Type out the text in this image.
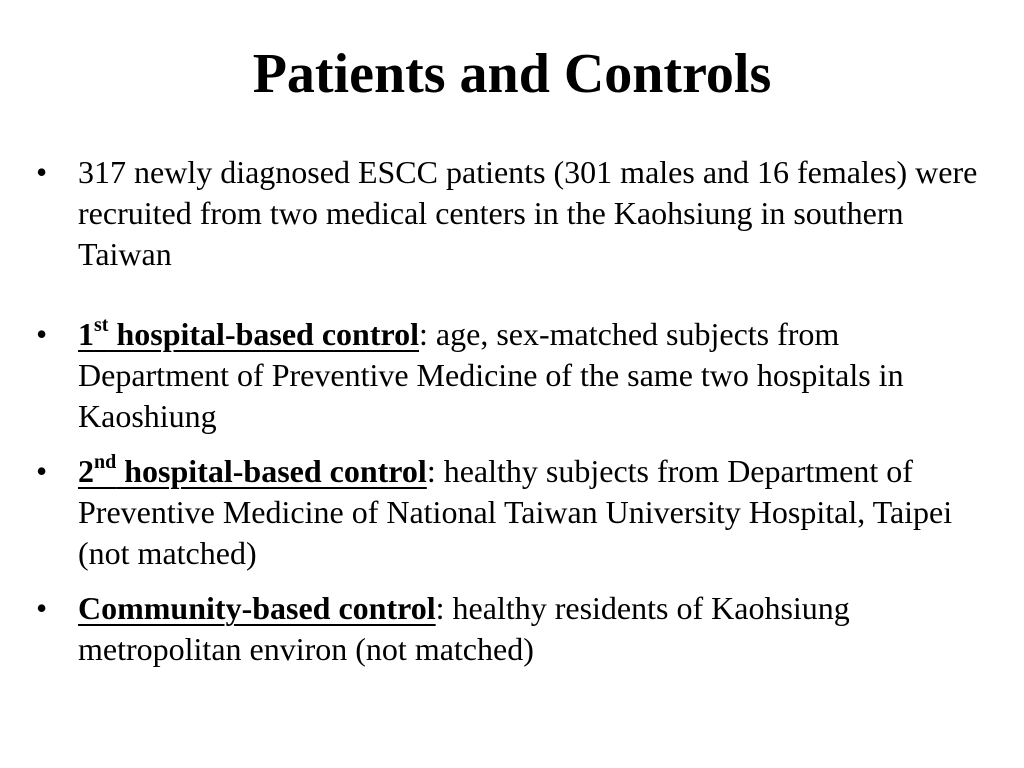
Patients and Controls
• 317 newly diagnosed ESCC patients (301 males and 16 females) were recruited from two medical centers in the Kaohsiung in southern Taiwan
• 1st hospital-based control: age, sex-matched subjects from Department of Preventive Medicine of the same two hospitals in Kaoshiung
• 2nd hospital-based control: healthy subjects from Department of Preventive Medicine of National Taiwan University Hospital, Taipei (not matched)
• Community-based control: healthy residents of Kaohsiung metropolitan environ (not matched)
